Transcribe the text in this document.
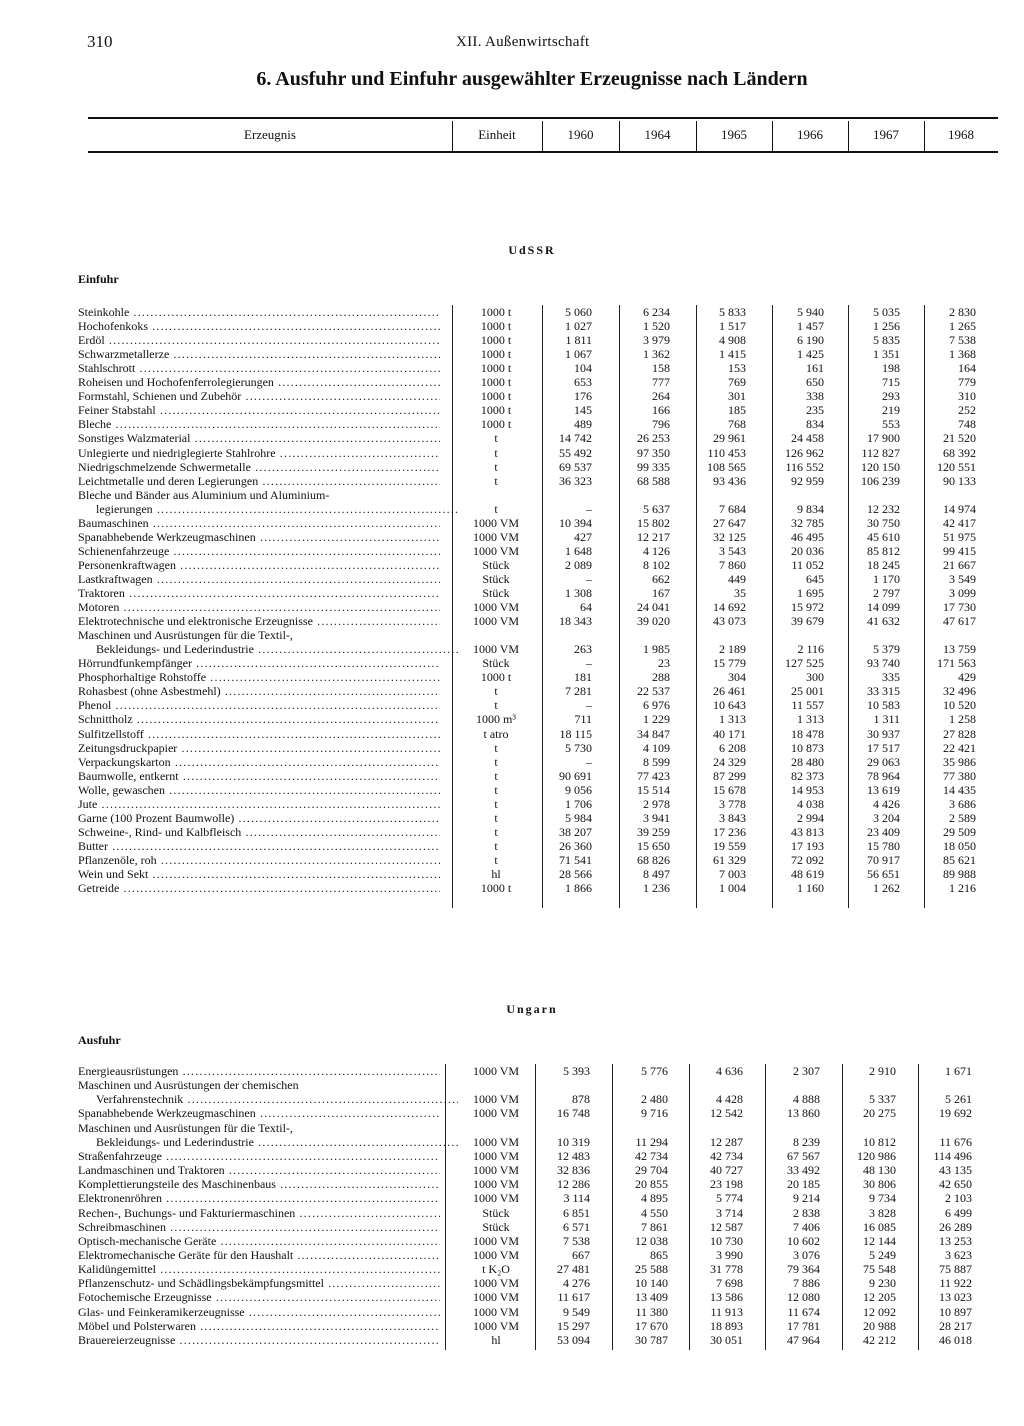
310	XII. Außenwirtschaft
6. Ausfuhr und Einfuhr ausgewählter Erzeugnisse nach Ländern
Erzeugnis	Einheit	1960	1964	1965	1966	1967	1968
UdSSR
Einfuhr
Steinkohle .....	1000 t	5 060	6 234	5 833	5 940	5 035	2 830
Hochofenkoks .....	1000 t	1 027	1 520	1 517	1 457	1 256	1 265
Erdöl .....	1000 t	1 811	3 979	4 908	6 190	5 835	7 538
Schwarzmetallerze .....	1000 t	1 067	1 362	1 415	1 425	1 351	1 368
Stahlschrott .....	1000 t	104	158	153	161	198	164
Roheisen und Hochofenferrolegierungen .....	1000 t	653	777	769	650	715	779
Formstahl, Schienen und Zubehör .....	1000 t	176	264	301	338	293	310
Feiner Stabstahl .....	1000 t	145	166	185	235	219	252
Bleche .....	1000 t	489	796	768	834	553	748
Sonstiges Walzmaterial .....	t	14 742	26 253	29 961	24 458	17 900	21 520
Unlegierte und niedriglegierte Stahlrohre .....	t	55 492	97 350	110 453	126 962	112 827	68 392
Niedrigschmelzende Schwermetalle .....	t	69 537	99 335	108 565	116 552	120 150	120 551
Leichtmetalle und deren Legierungen .....	t	36 323	68 588	93 436	92 959	106 239	90 133
Bleche und Bänder aus Aluminium und Aluminium-
legierungen .....	t	–	5 637	7 684	9 834	12 232	14 974
Baumaschinen .....	1000 VM	10 394	15 802	27 647	32 785	30 750	42 417
Spanabhebende Werkzeugmaschinen .....	1000 VM	427	12 217	32 125	46 495	45 610	51 975
Schienenfahrzeuge .....	1000 VM	1 648	4 126	3 543	20 036	85 812	99 415
Personenkraftwagen .....	Stück	2 089	8 102	7 860	11 052	18 245	21 667
Lastkraftwagen .....	Stück	–	662	449	645	1 170	3 549
Traktoren .....	Stück	1 308	167	35	1 695	2 797	3 099
Motoren .....	1000 VM	64	24 041	14 692	15 972	14 099	17 730
Elektrotechnische und elektronische Erzeugnisse .....	1000 VM	18 343	39 020	43 073	39 679	41 632	47 617
Maschinen und Ausrüstungen für die Textil-,
Bekleidungs- und Lederindustrie .....	1000 VM	263	1 985	2 189	2 116	5 379	13 759
Hörrundfunkempfänger .....	Stück	–	23	15 779	127 525	93 740	171 563
Phosphorhaltige Rohstoffe .....	1000 t	181	288	304	300	335	429
Rohasbest (ohne Asbestmehl) .....	t	7 281	22 537	26 461	25 001	33 315	32 496
Phenol .....	t	–	6 976	10 643	11 557	10 583	10 520
Schnittholz .....	1000 m³	711	1 229	1 313	1 313	1 311	1 258
Sulfitzellstoff .....	t atro	18 115	34 847	40 171	18 478	30 937	27 828
Zeitungsdruckpapier .....	t	5 730	4 109	6 208	10 873	17 517	22 421
Verpackungskarton .....	t	–	8 599	24 329	28 480	29 063	35 986
Baumwolle, entkernt .....	t	90 691	77 423	87 299	82 373	78 964	77 380
Wolle, gewaschen .....	t	9 056	15 514	15 678	14 953	13 619	14 435
Jute .....	t	1 706	2 978	3 778	4 038	4 426	3 686
Garne (100 Prozent Baumwolle) .....	t	5 984	3 941	3 843	2 994	3 204	2 589
Schweine-, Rind- und Kalbfleisch .....	t	38 207	39 259	17 236	43 813	23 409	29 509
Butter .....	t	26 360	15 650	19 559	17 193	15 780	18 050
Pflanzenöle, roh .....	t	71 541	68 826	61 329	72 092	70 917	85 621
Wein und Sekt .....	hl	28 566	8 497	7 003	48 619	56 651	89 988
Getreide .....	1000 t	1 866	1 236	1 004	1 160	1 262	1 216
Ungarn
Ausfuhr
Energieausrüstungen .....	1000 VM	5 393	5 776	4 636	2 307	2 910	1 671
Maschinen und Ausrüstungen der chemischen
Verfahrenstechnik .....	1000 VM	878	2 480	4 428	4 888	5 337	5 261
Spanabhebende Werkzeugmaschinen .....	1000 VM	16 748	9 716	12 542	13 860	20 275	19 692
Maschinen und Ausrüstungen für die Textil-,
Bekleidungs- und Lederindustrie .....	1000 VM	10 319	11 294	12 287	8 239	10 812	11 676
Straßenfahrzeuge .....	1000 VM	12 483	42 734	42 734	67 567	120 986	114 496
Landmaschinen und Traktoren .....	1000 VM	32 836	29 704	40 727	33 492	48 130	43 135
Komplettierungsteile des Maschinenbaus .....	1000 VM	12 286	20 855	23 198	20 185	30 806	42 650
Elektronenröhren .....	1000 VM	3 114	4 895	5 774	9 214	9 734	2 103
Rechen-, Buchungs- und Fakturiermaschinen .....	Stück	6 851	4 550	3 714	2 838	3 828	6 499
Schreibmaschinen .....	Stück	6 571	7 861	12 587	7 406	16 085	26 289
Optisch-mechanische Geräte .....	1000 VM	7 538	12 038	10 730	10 602	12 144	13 253
Elektromechanische Geräte für den Haushalt .....	1000 VM	667	865	3 990	3 076	5 249	3 623
Kalidüngemittel .....	t K₂O	27 481	25 588	31 778	79 364	75 548	75 887
Pflanzenschutz- und Schädlingsbekämpfungsmittel .....	1000 VM	4 276	10 140	7 698	7 886	9 230	11 922
Fotochemische Erzeugnisse .....	1000 VM	11 617	13 409	13 586	12 080	12 205	13 023
Glas- und Feinkeramikerzeugnisse .....	1000 VM	9 549	11 380	11 913	11 674	12 092	10 897
Möbel und Polsterwaren .....	1000 VM	15 297	17 670	18 893	17 781	20 988	28 217
Brauereierzeugnisse .....	hl	53 094	30 787	30 051	47 964	42 212	46 018
